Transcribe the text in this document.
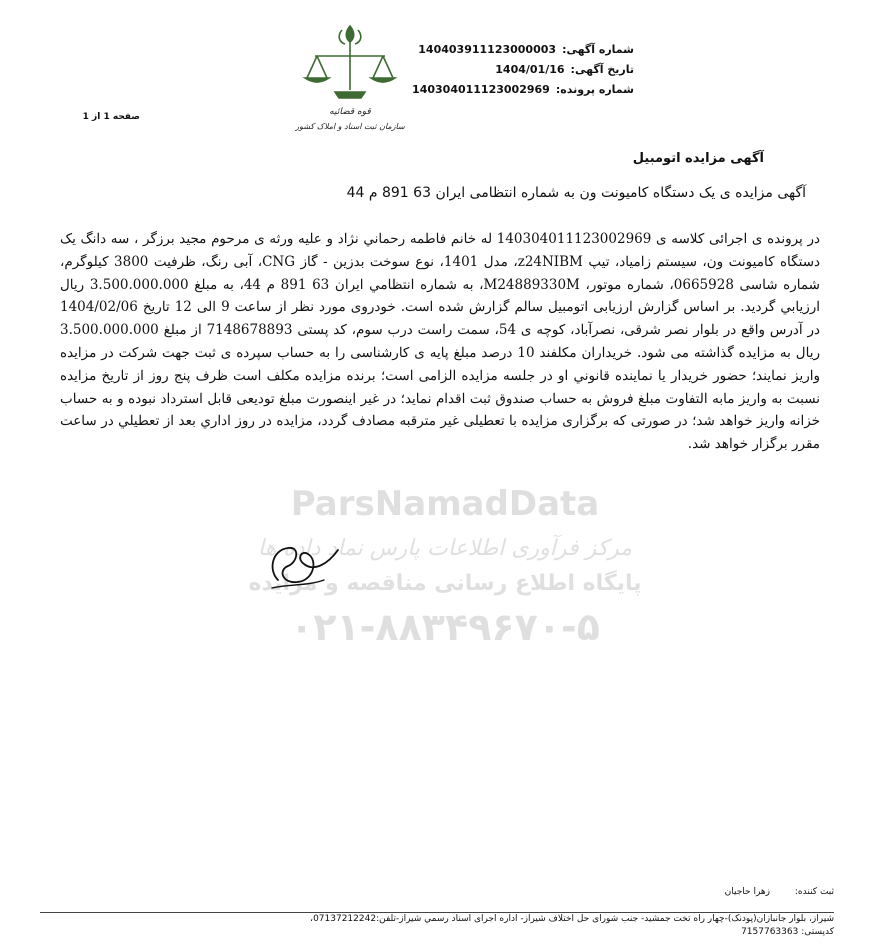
شماره آگهی:
140403911123000003
تاریخ آگهی:
1404/01/16
شماره پرونده:
140304011123002969
قوه قضائیه
سازمان ثبت اسناد و املاک کشور
صفحه 1 از 1
آگهی مزایده اتومبیل
آگهی مزایده ی یک دستگاه کامیونت ون به شماره انتظامی ایران 63 891 م 44
ParsNamadData
مرکز فرآوری اطلاعات پارس نماد داده ها
پایگاه اطلاع رسانی مناقصه و مزایده
۰۲۱-۸۸۳۴۹۶۷۰-۵
در پرونده ی اجرائی کلاسه ی 140304011123002969 له خانم فاطمه رحماني نژاد و علیه ورثه ی مرحوم مجید برزگر ، سه دانگ یک دستگاه کامیونت ون، سیستم زامیاد، تیپ z24NIBM، مدل 1401، نوع سوخت بدزین - گاز CNG، آبی رنگ، ظرفیت 3800 کیلوگرم، شماره شاسی 0665928، شماره موتور، M24889330M، به شماره انتظامي ایران 63 891 م 44، به مبلغ 3.500.000.000 ریال ارزیابي گردید. بر اساس گزارش ارزیابی اتومبیل سالم گزارش شده است. خودروی مورد نظر از ساعت 9 الی 12 تاریخ 1404/02/06 در آدرس واقع در بلوار نصر شرقی، نصرآباد، کوچه ی 54، سمت راست درب سوم، کد پستی 7148678893 از مبلغ 3.500.000.000 ریال به مزایده گذاشته می شود. خریداران مکلفند 10 درصد مبلغ پایه ی کارشناسی را به حساب سپرده ی ثبت جهت شرکت در مزایده واریز نمایند؛ حضور خریدار یا نماینده قانوني او در جلسه مزایده الزامی است؛ برنده مزایده مکلف است ظرف پنج روز از تاریخ مزایده نسبت به واریز مابه التفاوت مبلغ فروش به حساب صندوق ثبت اقدام نماید؛ در غیر اینصورت مبلغ تودیعی قابل استرداد نبوده و به حساب خزانه واریز خواهد شد؛ در صورتی که برگزاری مزایده با تعطیلی غیر مترقبه مصادف گردد، مزایده در روز اداري بعد از تعطیلي در ساعت مقرر برگزار خواهد شد.
ثبت کننده: زهرا حاجیان
شیراز، بلوار جانبازان(پودنک)-چهار راه تخت جمشید- جنب شورای حل اختلاف شیراز- اداره اجرای اسناد رسمي شیراز-تلفن:07137212242،
کدپستی: 7157763363
